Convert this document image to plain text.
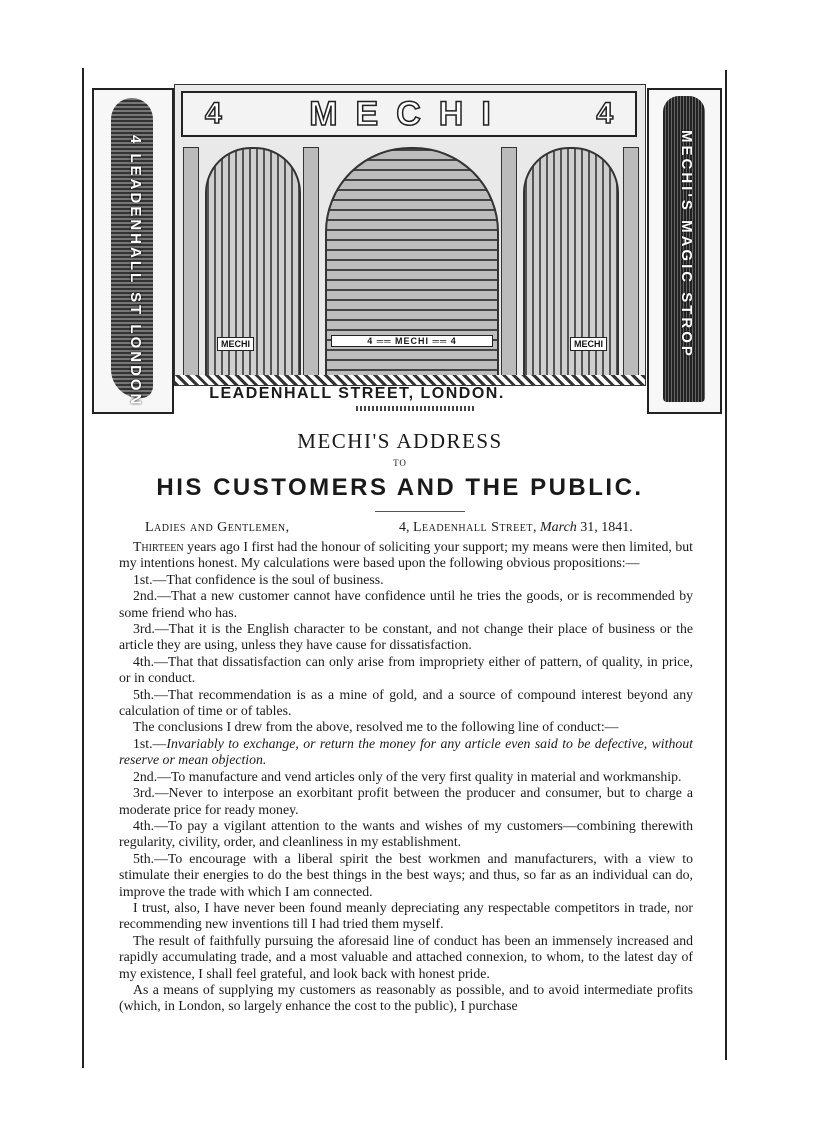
4 LEADENHALL ST LONDON
4	MECHI	4
MECHI	4 ══ MECHI ══ 4	MECHI	MECHI'S MAGIC STROP
LEADENHALL STREET, LONDON.
MECHI'S ADDRESS
TO
HIS CUSTOMERS AND THE PUBLIC.
Ladies and Gentlemen,	4, Leadenhall Street, March 31, 1841.

Thirteen years ago I first had the honour of soliciting your support; my means were then limited, but my intentions honest. My calculations were based upon the following obvious propositions:—

1st.—That confidence is the soul of business.

2nd.—That a new customer cannot have confidence until he tries the goods, or is recommended by some friend who has.

3rd.—That it is the English character to be constant, and not change their place of business or the article they are using, unless they have cause for dissatisfaction.

4th.—That that dissatisfaction can only arise from impropriety either of pattern, of quality, in price, or in conduct.

5th.—That recommendation is as a mine of gold, and a source of compound interest beyond any calculation of time or of tables.

The conclusions I drew from the above, resolved me to the following line of conduct:—

1st.—Invariably to exchange, or return the money for any article even said to be defective, without reserve or mean objection.

2nd.—To manufacture and vend articles only of the very first quality in material and workmanship.

3rd.—Never to interpose an exorbitant profit between the producer and consumer, but to charge a moderate price for ready money.

4th.—To pay a vigilant attention to the wants and wishes of my customers—combining therewith regularity, civility, order, and cleanliness in my establishment.

5th.—To encourage with a liberal spirit the best workmen and manufacturers, with a view to stimulate their energies to do the best things in the best ways; and thus, so far as an individual can do, improve the trade with which I am connected.

I trust, also, I have never been found meanly depreciating any respectable competitors in trade, nor recommending new inventions till I had tried them myself.

The result of faithfully pursuing the aforesaid line of conduct has been an immensely increased and rapidly accumulating trade, and a most valuable and attached connexion, to whom, to the latest day of my existence, I shall feel grateful, and look back with honest pride.

As a means of supplying my customers as reasonably as possible, and to avoid intermediate profits (which, in London, so largely enhance the cost to the public), I purchase
